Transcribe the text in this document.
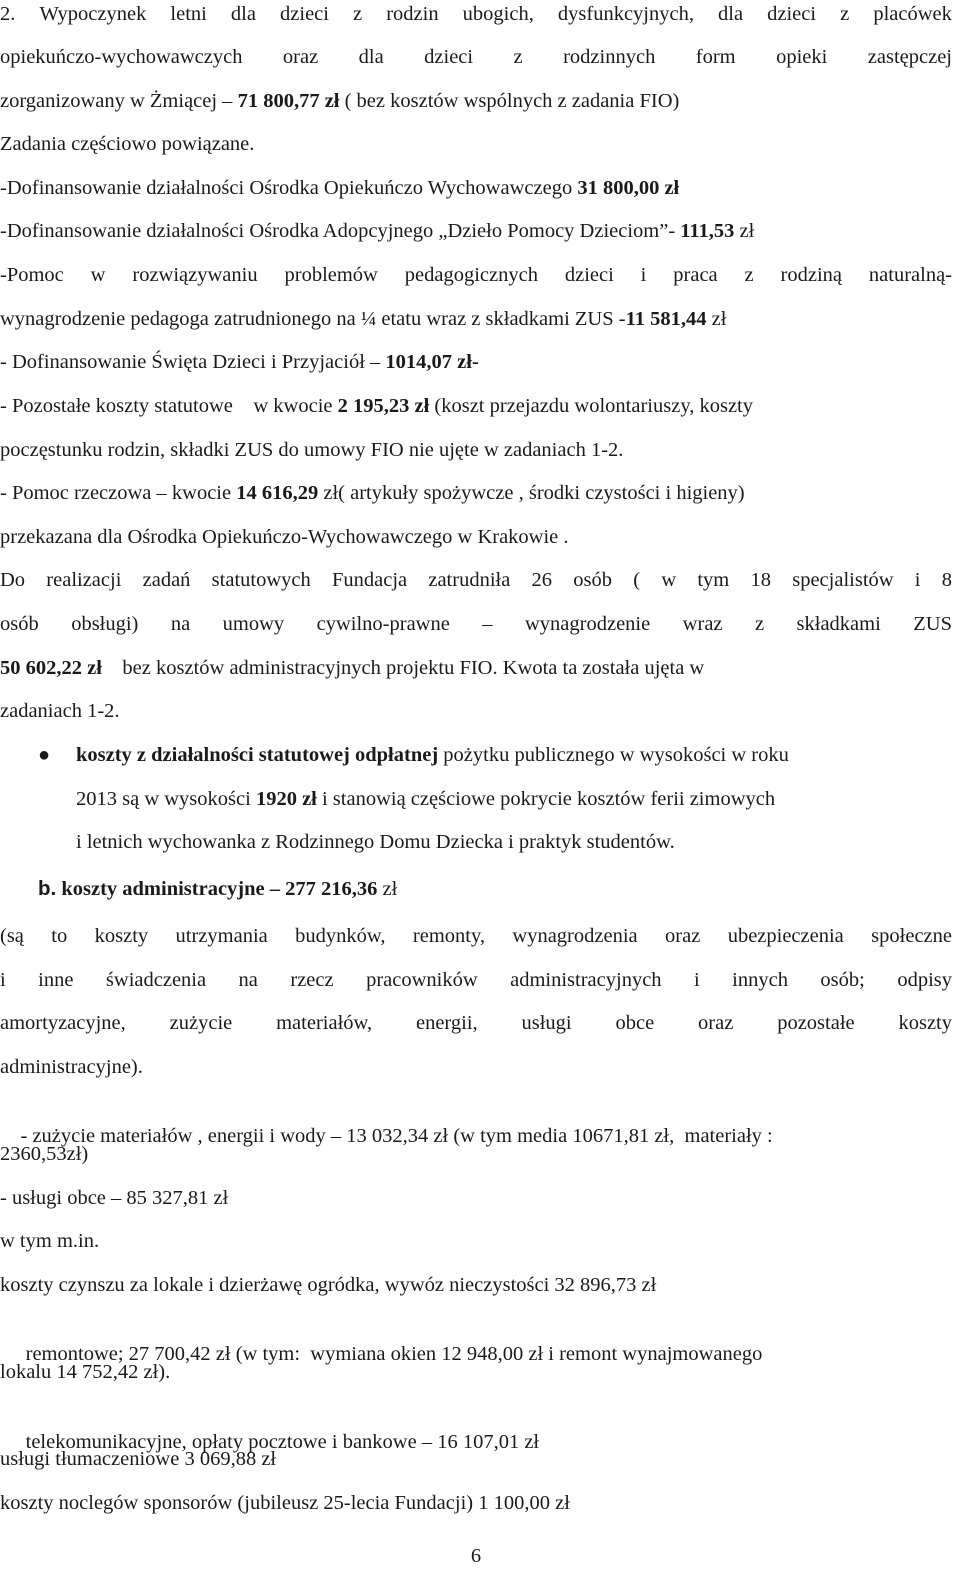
2. Wypoczynek letni dla dzieci z rodzin ubogich, dysfunkcyjnych, dla dzieci z placówek
opiekuńczo-wychowawczych oraz dla dzieci z rodzinnych form opieki zastępczej
zorganizowany w Żmiącej – 71 800,77 zł ( bez kosztów wspólnych z zadania FIO)
Zadania częściowo powiązane.
-Dofinansowanie działalności Ośrodka Opiekuńczo Wychowawczego 31 800,00 zł
-Dofinansowanie działalności Ośrodka Adopcyjnego „Dzieło Pomocy Dzieciom”- 111,53 zł
-Pomoc w rozwiązywaniu problemów pedagogicznych dzieci i praca z rodziną naturalną-
wynagrodzenie pedagoga zatrudnionego na ¼ etatu wraz z składkami ZUS -11 581,44 zł
- Dofinansowanie Święta Dzieci i Przyjaciół – 1014,07 zł-
- Pozostałe koszty statutowe    w kwocie 2 195,23 zł (koszt przejazdu wolontariuszy, koszty
poczęstunku rodzin, składki ZUS do umowy FIO nie ujęte w zadaniach 1-2.
- Pomoc rzeczowa – kwocie 14 616,29 zł( artykuły spożywcze , środki czystości i higieny)
przekazana dla Ośrodka Opiekuńczo-Wychowawczego w Krakowie .
Do realizacji zadań statutowych Fundacja zatrudniła 26 osób ( w tym 18 specjalistów i 8
osób obsługi) na umowy cywilno-prawne – wynagrodzenie wraz z składkami ZUS
50 602,22 zł bez kosztów administracyjnych projektu FIO. Kwota ta została ujęta w
zadaniach 1-2.
● koszty z działalności statutowej odpłatnej pożytku publicznego w wysokości w roku
2013 są w wysokości 1920 zł i stanowią częściowe pokrycie kosztów ferii zimowych
i letnich wychowanka z Rodzinnego Domu Dziecka i praktyk studentów.
b. koszty administracyjne – 277 216,36 zł
(są to koszty utrzymania budynków, remonty, wynagrodzenia oraz ubezpieczenia społeczne
i inne świadczenia na rzecz pracowników administracyjnych i innych osób; odpisy
amortyzacyjne, zużycie materiałów, energii, usługi obce oraz pozostałe koszty
administracyjne).

- zużycie materiałów , energii i wody – 13 032,34 zł (w tym media 10671,81 zł,  materiały :

2360,53zł)
- usługi obce – 85 327,81 zł
w tym m.in.
koszty czynszu za lokale i dzierżawę ogródka, wywóz nieczystości 32 896,73 zł

remontowe; 27 700,42 zł (w tym:  wymiana okien 12 948,00 zł i remont wynajmowanego

lokalu 14 752,42 zł).

telekomunikacyjne, opłaty pocztowe i bankowe – 16 107,01 zł

usługi tłumaczeniowe 3 069,88 zł
koszty noclegów sponsorów (jubileusz 25-lecia Fundacji) 1 100,00 zł
6
